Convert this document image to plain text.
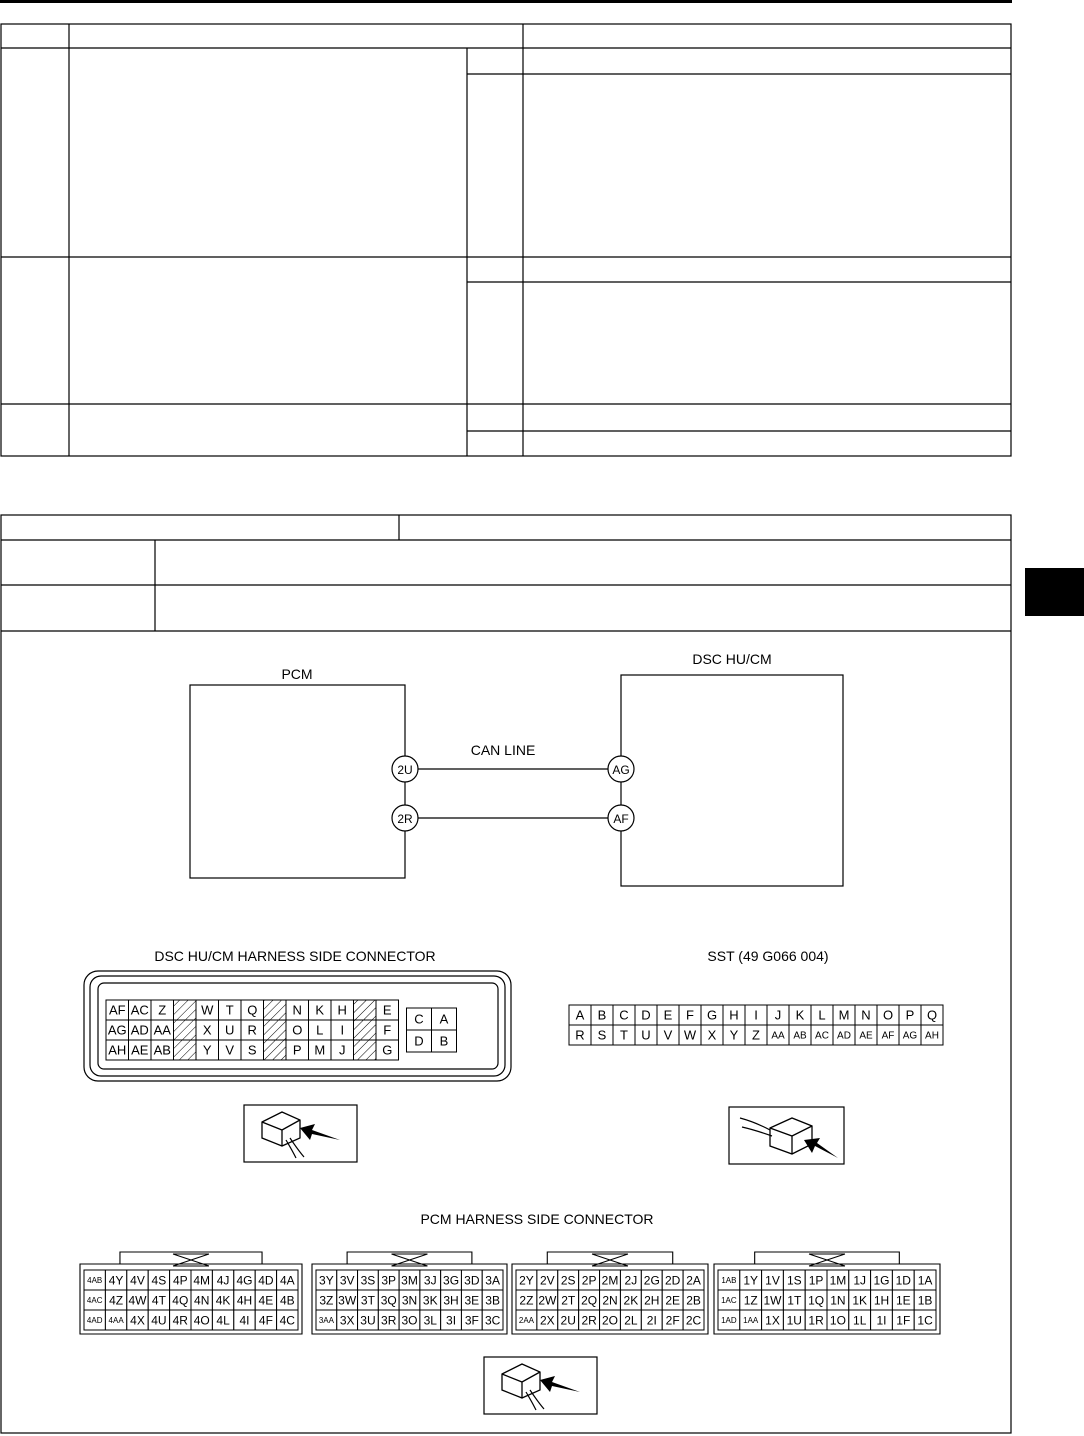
PCM
DSC HU/CM
CAN LINE
2U
2R
AG
AF
DSC HU/CM HARNESS SIDE CONNECTOR
AF AC Z	W T Q	N K H	E
AG AD AA X U R	O L I	F
AH AE AB Y V S	P M J	G
C A
D B
SST (49 G066 004)
A B C D E F G H I J K L M N O P Q
R S T U V W X Y Z AA AB AC AD AE AF AG AH
PCM HARNESS SIDE CONNECTOR
4AB 4Y 4V 4S 4P 4M 4J 4G 4D 4A
4AC 4Z 4W 4T 4Q 4N 4K 4H 4E 4B
4AD 4AA 4X 4U 4R 4O 4L 4I 4F 4C
3Y 3V 3S 3P 3M 3J 3G 3D 3A
3Z 3W 3T 3Q 3N 3K 3H 3E 3B
3AA 3X 3U 3R 3O 3L 3I 3F 3C
2Y 2V 2S 2P 2M 2J 2G 2D 2A
2Z 2W 2T 2Q 2N 2K 2H 2E 2B
2AA 2X 2U 2R 2O 2L 2I 2F 2C
1AB 1Y 1V 1S 1P 1M 1J 1G 1D 1A
1AC 1Z 1W 1T 1Q 1N 1K 1H 1E 1B
1AD 1AA 1X 1U 1R 1O 1L 1I 1F 1C
